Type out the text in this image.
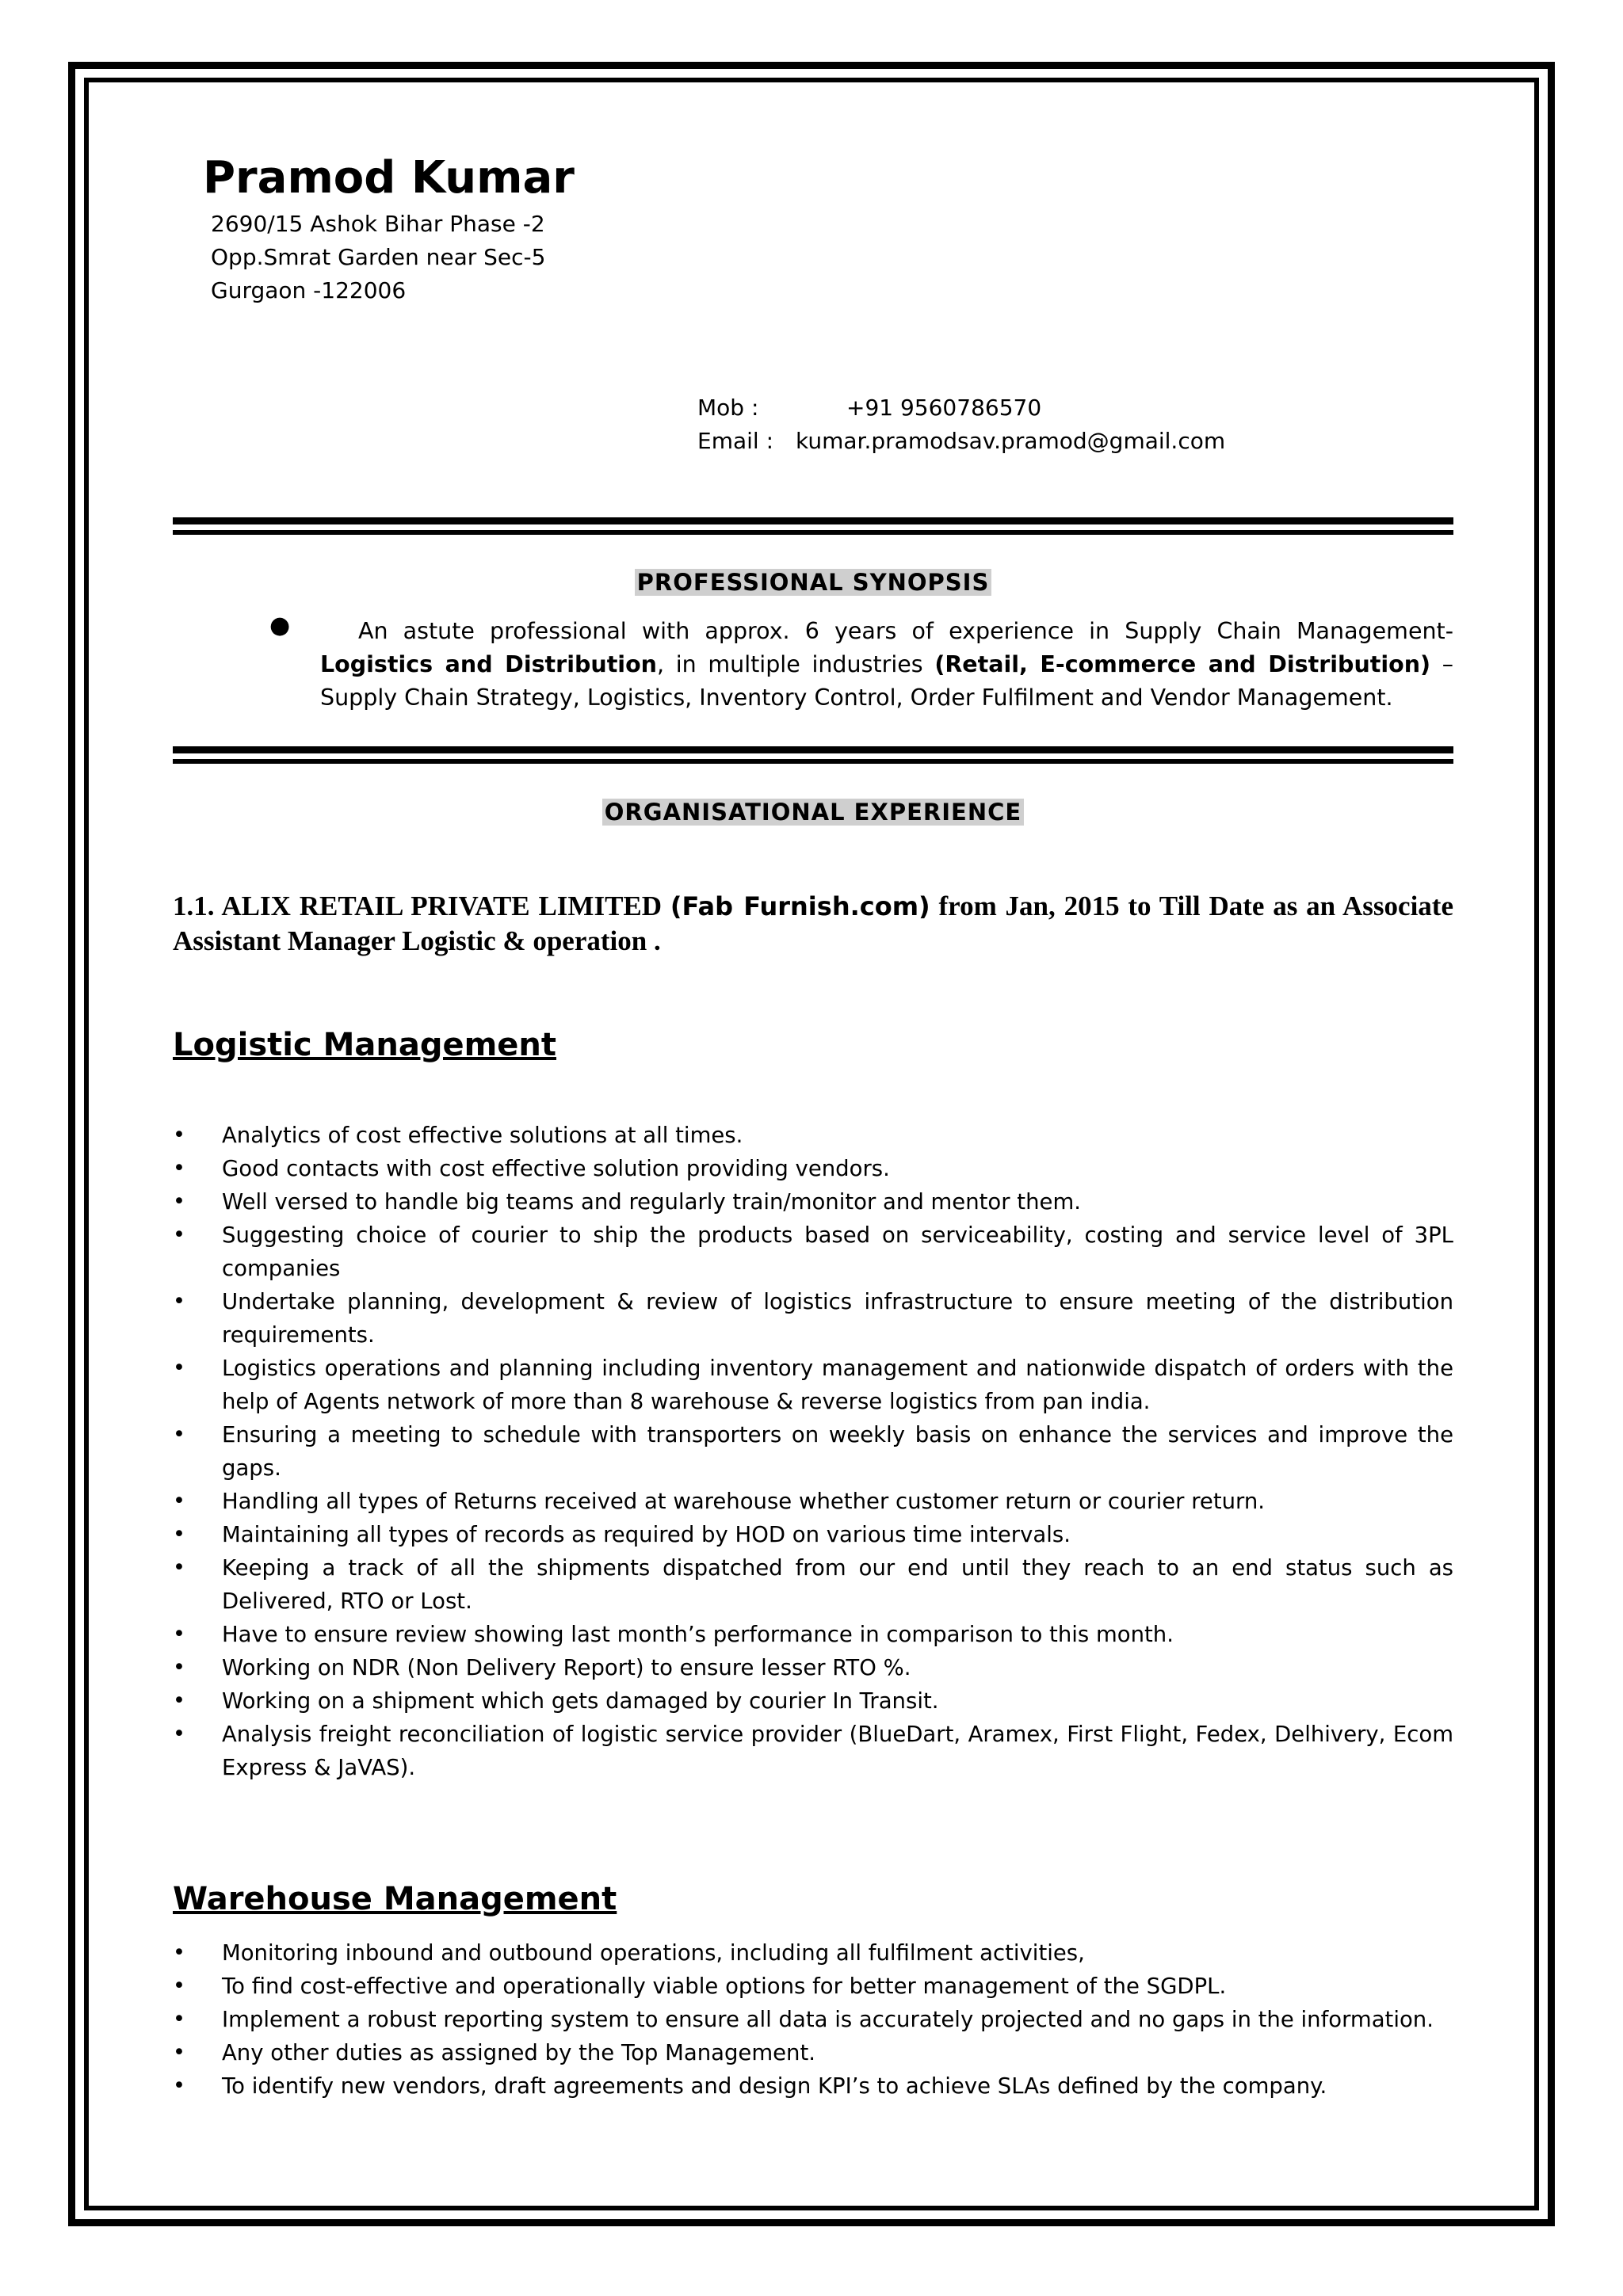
Pramod Kumar
2690/15 Ashok Bihar Phase -2
Opp.Smrat Garden near Sec-5
Gurgaon -122006
Mob :	+91 9560786570
Email : kumar.pramodsav.pramod@gmail.com
PROFESSIONAL SYNOPSIS
●	An astute professional with approx. 6 years of experience in Supply Chain Management- Logistics and Distribution, in multiple industries (Retail, E-commerce and Distribution) – Supply Chain Strategy, Logistics, Inventory Control, Order Fulfilment and Vendor Management.
ORGANISATIONAL EXPERIENCE
1.1. ALIX RETAIL PRIVATE LIMITED (Fab Furnish.com) from Jan, 2015 to Till Date as an Associate Assistant Manager Logistic & operation .
Logistic Management
• Analytics of cost effective solutions at all times.
• Good contacts with cost effective solution providing vendors.
• Well versed to handle big teams and regularly train/monitor and mentor them.
• Suggesting choice of courier to ship the products based on serviceability, costing and service level of 3PL companies
• Undertake planning, development & review of logistics infrastructure to ensure meeting of the distribution requirements.
• Logistics operations and planning including inventory management and nationwide dispatch of orders with the help of Agents network of more than 8 warehouse & reverse logistics from pan india.
• Ensuring a meeting to schedule with transporters on weekly basis on enhance the services and improve the gaps.
• Handling all types of Returns received at warehouse whether customer return or courier return.
• Maintaining all types of records as required by HOD on various time intervals.
• Keeping a track of all the shipments dispatched from our end until they reach to an end status such as Delivered, RTO or Lost.
• Have to ensure review showing last month’s performance in comparison to this month.
• Working on NDR (Non Delivery Report) to ensure lesser RTO %.
• Working on a shipment which gets damaged by courier In Transit.
• Analysis freight reconciliation of logistic service provider (BlueDart, Aramex, First Flight, Fedex, Delhivery, Ecom Express & JaVAS).
Warehouse Management
• Monitoring inbound and outbound operations, including all fulfilment activities,
• To find cost-effective and operationally viable options for better management of the SGDPL.
• Implement a robust reporting system to ensure all data is accurately projected and no gaps in the information.
• Any other duties as assigned by the Top Management.
• To identify new vendors, draft agreements and design KPI’s to achieve SLAs defined by the company.
